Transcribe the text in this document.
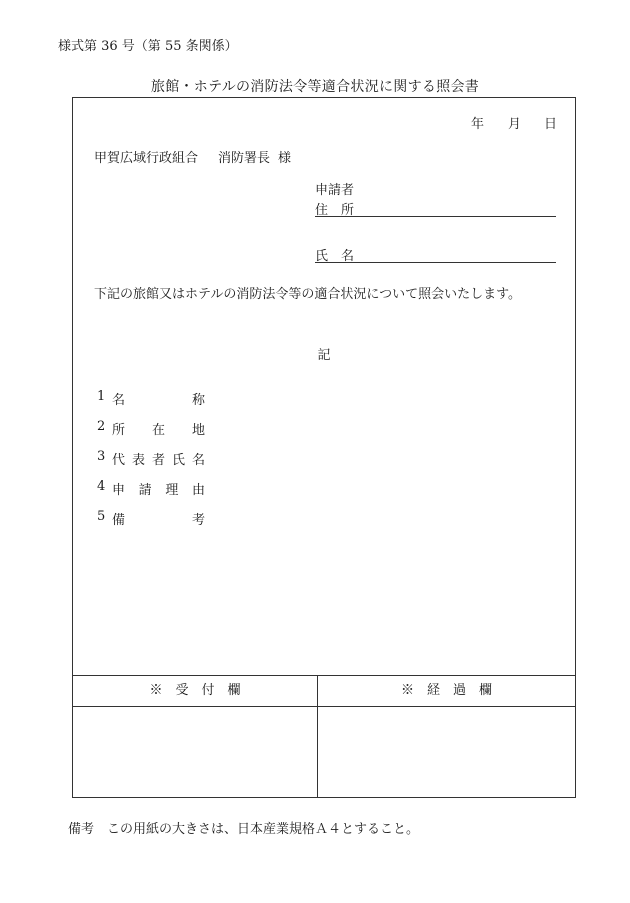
様式第 36 号（第 55 条関係）
旅館・ホテルの消防法令等適合状況に関する照会書
※　受　付　欄	※　経　過　欄
年 月 日
甲賀広域行政組合 消防署長 様
申請者
住　所
氏　名
下記の旅館又はホテルの消防法令等の適合状況について照会いたします。
記
1 名	称
2 所 在 地
3 代 表 者 氏 名
4 申 請 理 由
5 備	考
備考　この用紙の大きさは、日本産業規格Ａ４とすること。
